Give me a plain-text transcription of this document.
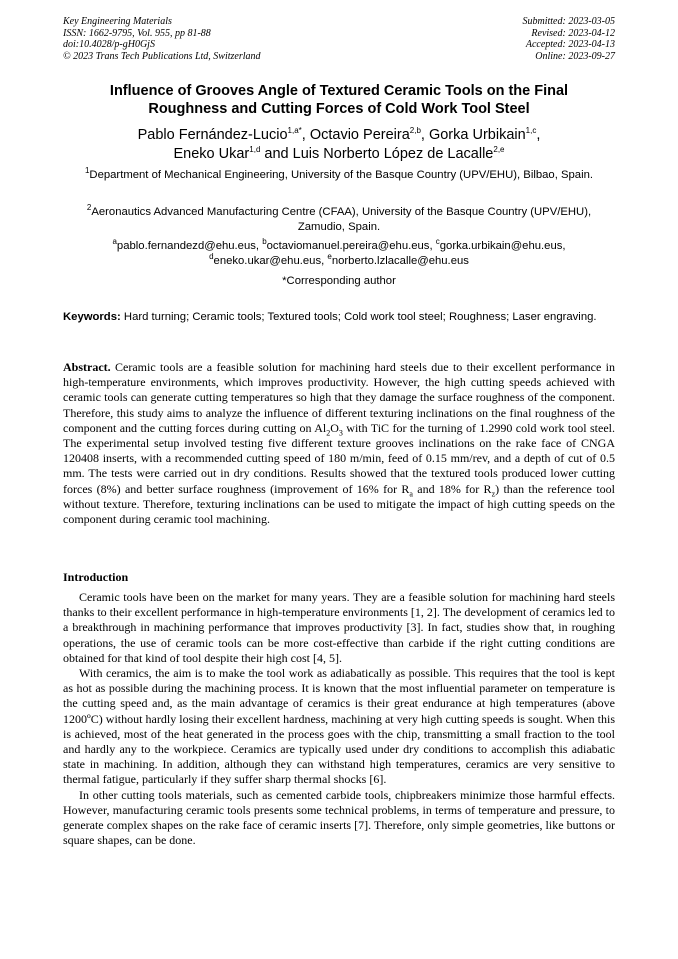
Key Engineering Materials
ISSN: 1662-9795, Vol. 955, pp 81-88
doi:10.4028/p-gH0GjS
© 2023 Trans Tech Publications Ltd, Switzerland
Submitted: 2023-03-05
Revised: 2023-04-12
Accepted: 2023-04-13
Online: 2023-09-27
Influence of Grooves Angle of Textured Ceramic Tools on the Final
Roughness and Cutting Forces of Cold Work Tool Steel
Pablo Fernández-Lucio$^{1,a*}$, Octavio Pereira$^{2,b}$, Gorka Urbikain$^{1,c}$,
Eneko Ukar$^{1,d}$ and Luis Norberto López de Lacalle$^{2,e}$
$^1$Department of Mechanical Engineering, University of the Basque Country (UPV/EHU), Bilbao, Spain.
$^2$Aeronautics Advanced Manufacturing Centre (CFAA), University of the Basque Country (UPV/EHU), Zamudio, Spain.
$^a$pablo.fernandezd@ehu.eus, $^b$octaviomanuel.pereira@ehu.eus, $^c$gorka.urbikain@ehu.eus,
$^d$eneko.ukar@ehu.eus, $^e$norberto.lzlacalle@ehu.eus
*Corresponding author
Keywords: Hard turning; Ceramic tools; Textured tools; Cold work tool steel; Roughness; Laser engraving.
Abstract. Ceramic tools are a feasible solution for machining hard steels due to their excellent performance in high-temperature environments, which improves productivity. However, the high cutting speeds achieved with ceramic tools can generate cutting temperatures so high that they damage the surface roughness of the component. Therefore, this study aims to analyze the influence of different texturing inclinations on the final roughness of the component and the cutting forces during cutting on $Al_2O_3$ with TiC for the turning of 1.2990 cold work tool steel. The experimental setup involved testing five different texture grooves inclinations on the rake face of CNGA 120408 inserts, with a recommended cutting speed of 180 m/min, feed of 0.15 mm/rev, and a depth of cut of 0.5 mm. The tests were carried out in dry conditions. Results showed that the textured tools produced lower cutting forces (8%) and better surface roughness (improvement of 16% for $R_a$ and 18% for $R_z$) than the reference tool without texture. Therefore, texturing inclinations can be used to mitigate the impact of high cutting speeds on the component during ceramic tool machining.
Introduction

Ceramic tools have been on the market for many years. They are a feasible solution for machining hard steels thanks to their excellent performance in high-temperature environments [1, 2]. The development of ceramics led to a breakthrough in machining performance that improves productivity [3]. In fact, studies show that, in roughing operations, the use of ceramic tools can be more cost-effective than carbide if the right cutting conditions are obtained for that kind of tool despite their high cost [4, 5].

With ceramics, the aim is to make the tool work as adiabatically as possible. This requires that the tool is kept as hot as possible during the machining process. It is known that the most influential parameter on temperature is the cutting speed and, as the main advantage of ceramics is their great endurance at high temperatures (above 1200ºC) without hardly losing their excellent hardness, machining at very high cutting speeds is sought. When this is achieved, most of the heat generated in the process goes with the chip, transmitting a small fraction to the tool and hardly any to the workpiece. Ceramics are typically used under dry conditions to accomplish this adiabatic state in machining. In addition, although they can withstand high temperatures, ceramics are very sensitive to thermal fatigue, particularly if they suffer sharp thermal shocks [6].

In other cutting tools materials, such as cemented carbide tools, chipbreakers minimize those harmful effects. However, manufacturing ceramic tools presents some technical problems, in terms of temperature and pressure, to generate complex shapes on the rake face of ceramic inserts [7]. Therefore, only simple geometries, like buttons or square shapes, can be done.
